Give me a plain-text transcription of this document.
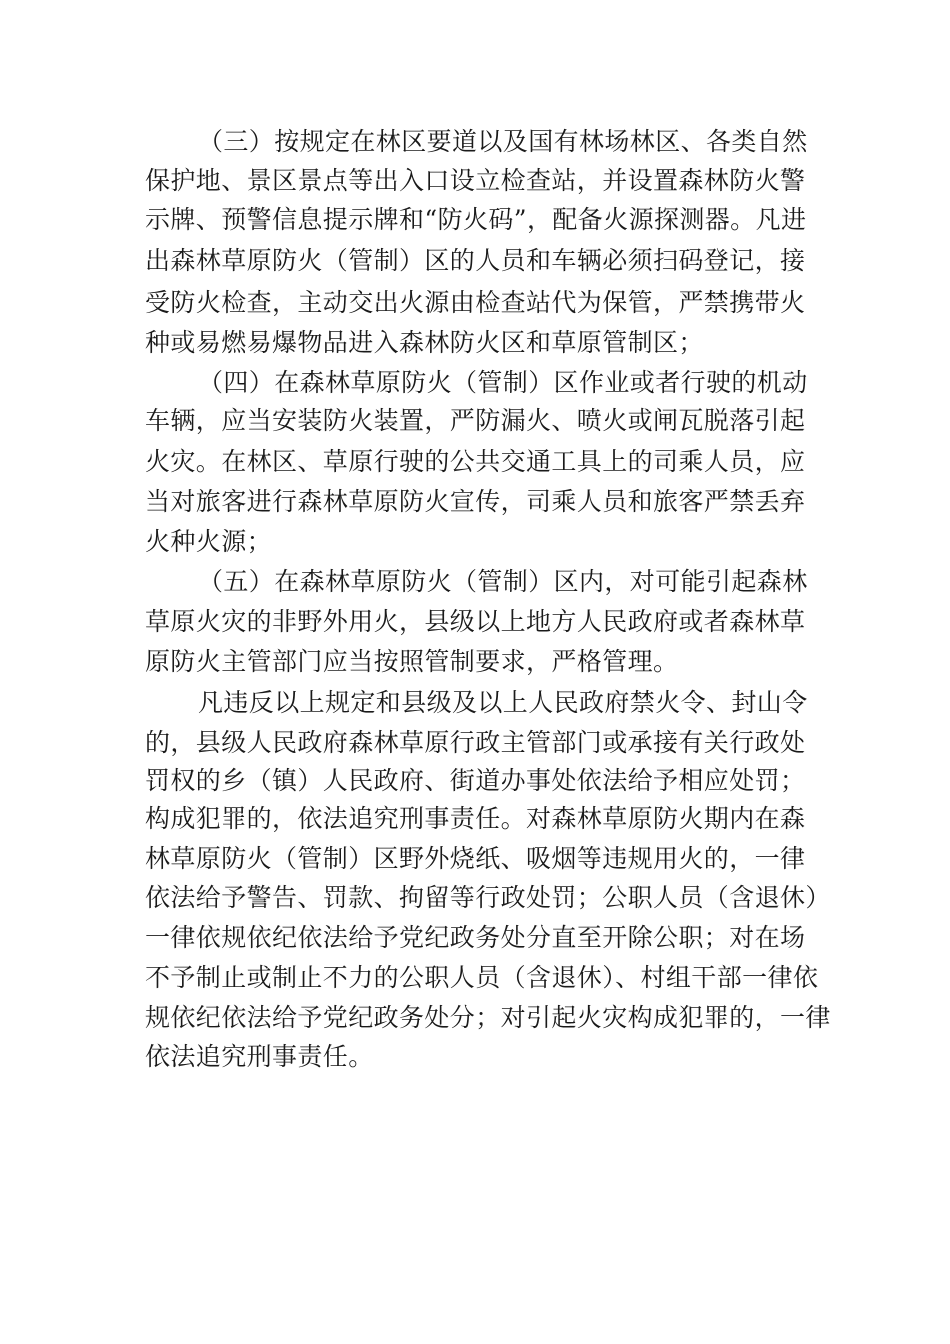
（三）按规定在林区要道以及国有林场林区、各类自然
保护地、景区景点等出入口设立检查站，并设置森林防火警
示牌、预警信息提示牌和“防火码”，配备火源探测器。凡进
出森林草原防火（管制）区的人员和车辆必须扫码登记，接
受防火检查，主动交出火源由检查站代为保管，严禁携带火
种或易燃易爆物品进入森林防火区和草原管制区；
（四）在森林草原防火（管制）区作业或者行驶的机动
车辆，应当安装防火装置，严防漏火、喷火或闸瓦脱落引起
火灾。在林区、草原行驶的公共交通工具上的司乘人员，应
当对旅客进行森林草原防火宣传，司乘人员和旅客严禁丢弃
火种火源；
（五）在森林草原防火（管制）区内，对可能引起森林
草原火灾的非野外用火，县级以上地方人民政府或者森林草
原防火主管部门应当按照管制要求，严格管理。
凡违反以上规定和县级及以上人民政府禁火令、封山令
的，县级人民政府森林草原行政主管部门或承接有关行政处
罚权的乡（镇）人民政府、街道办事处依法给予相应处罚；
构成犯罪的，依法追究刑事责任。对森林草原防火期内在森
林草原防火（管制）区野外烧纸、吸烟等违规用火的，一律
依法给予警告、罚款、拘留等行政处罚；公职人员（含退休）
一律依规依纪依法给予党纪政务处分直至开除公职；对在场
不予制止或制止不力的公职人员（含退休）、村组干部一律依
规依纪依法给予党纪政务处分；对引起火灾构成犯罪的，一律
依法追究刑事责任。
